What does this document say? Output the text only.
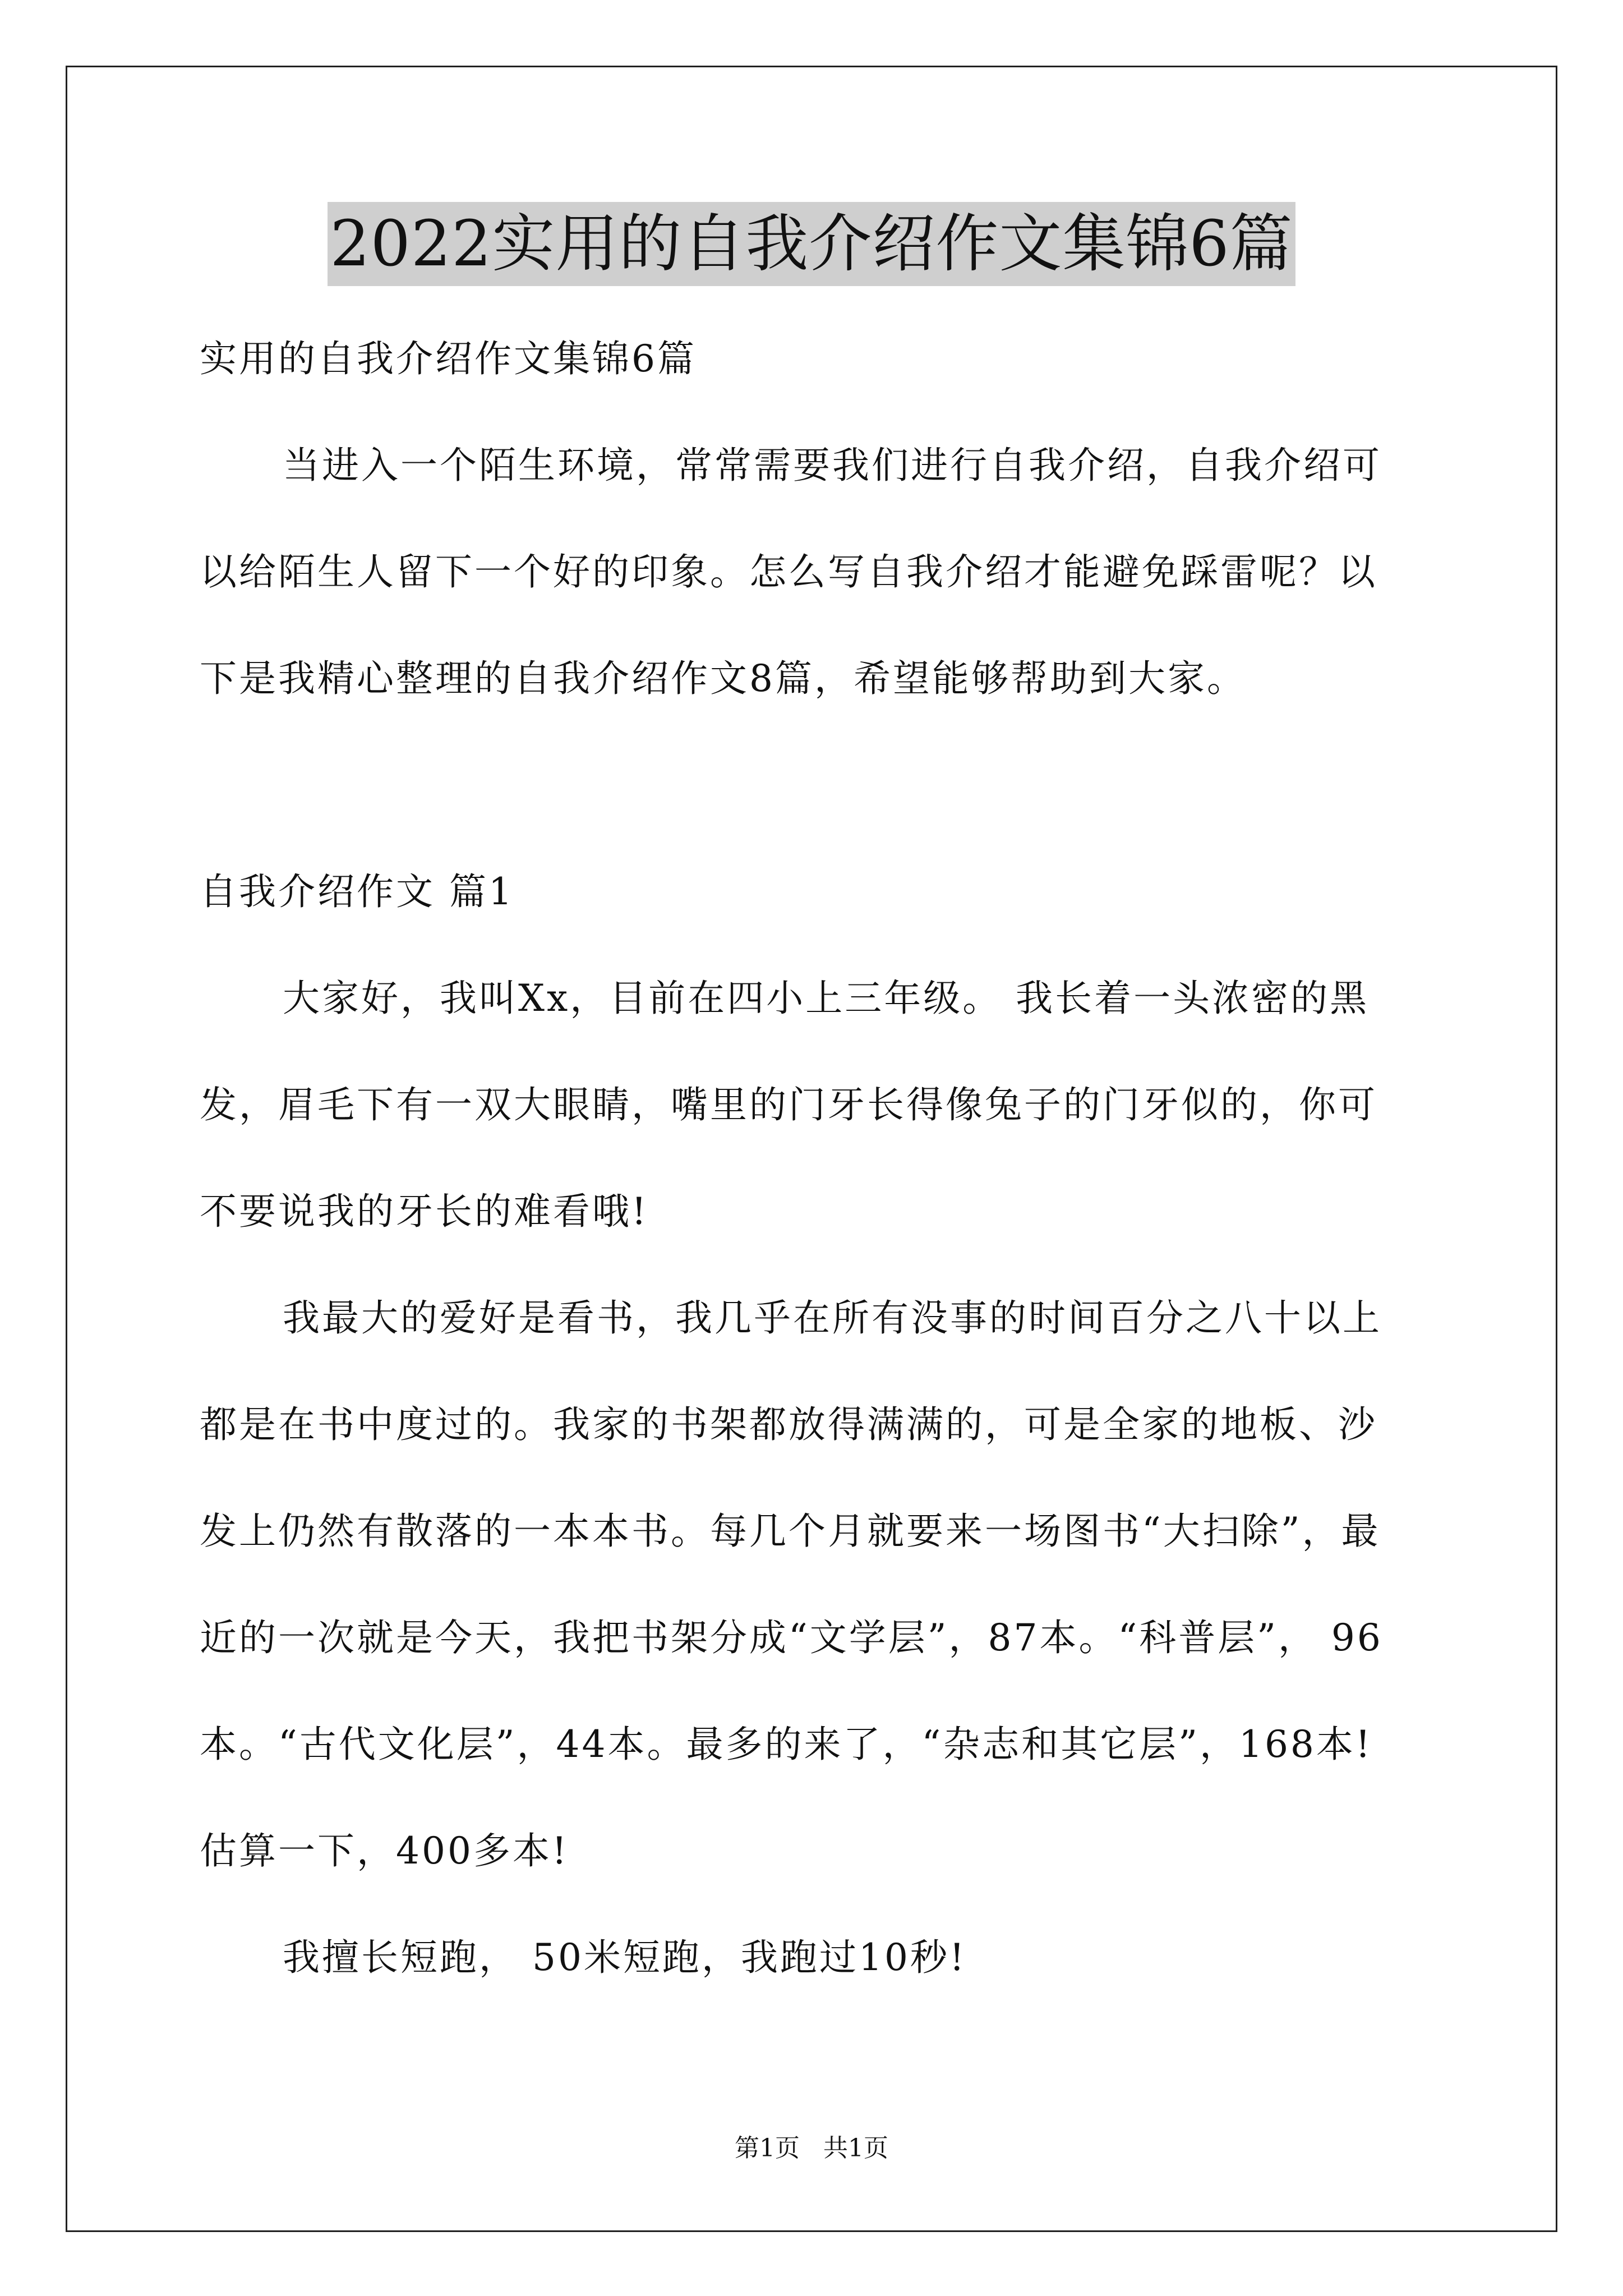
2022实用的自我介绍作文集锦6篇
实用的自我介绍作文集锦6篇
当进入一个陌生环境，常常需要我们进行自我介绍，自我介绍可
以给陌生人留下一个好的印象。怎么写自我介绍才能避免踩雷呢？以
下是我精心整理的自我介绍作文8篇，希望能够帮助到大家。
自我介绍作文 篇1
大家好，我叫Xx，目前在四小上三年级。 我长着一头浓密的黑
发，眉毛下有一双大眼睛，嘴里的门牙长得像兔子的门牙似的，你可
不要说我的牙长的难看哦!
我最大的爱好是看书，我几乎在所有没事的时间百分之八十以上
都是在书中度过的。我家的书架都放得满满的，可是全家的地板、沙
发上仍然有散落的一本本书。每几个月就要来一场图书“大扫除”，最
近的一次就是今天，我把书架分成“文学层”，87本。“科普层”， 96
本。“古代文化层”，44本。最多的来了，“杂志和其它层”，168本!
估算一下，400多本!
我擅长短跑， 50米短跑，我跑过10秒!
第1页   共1页
